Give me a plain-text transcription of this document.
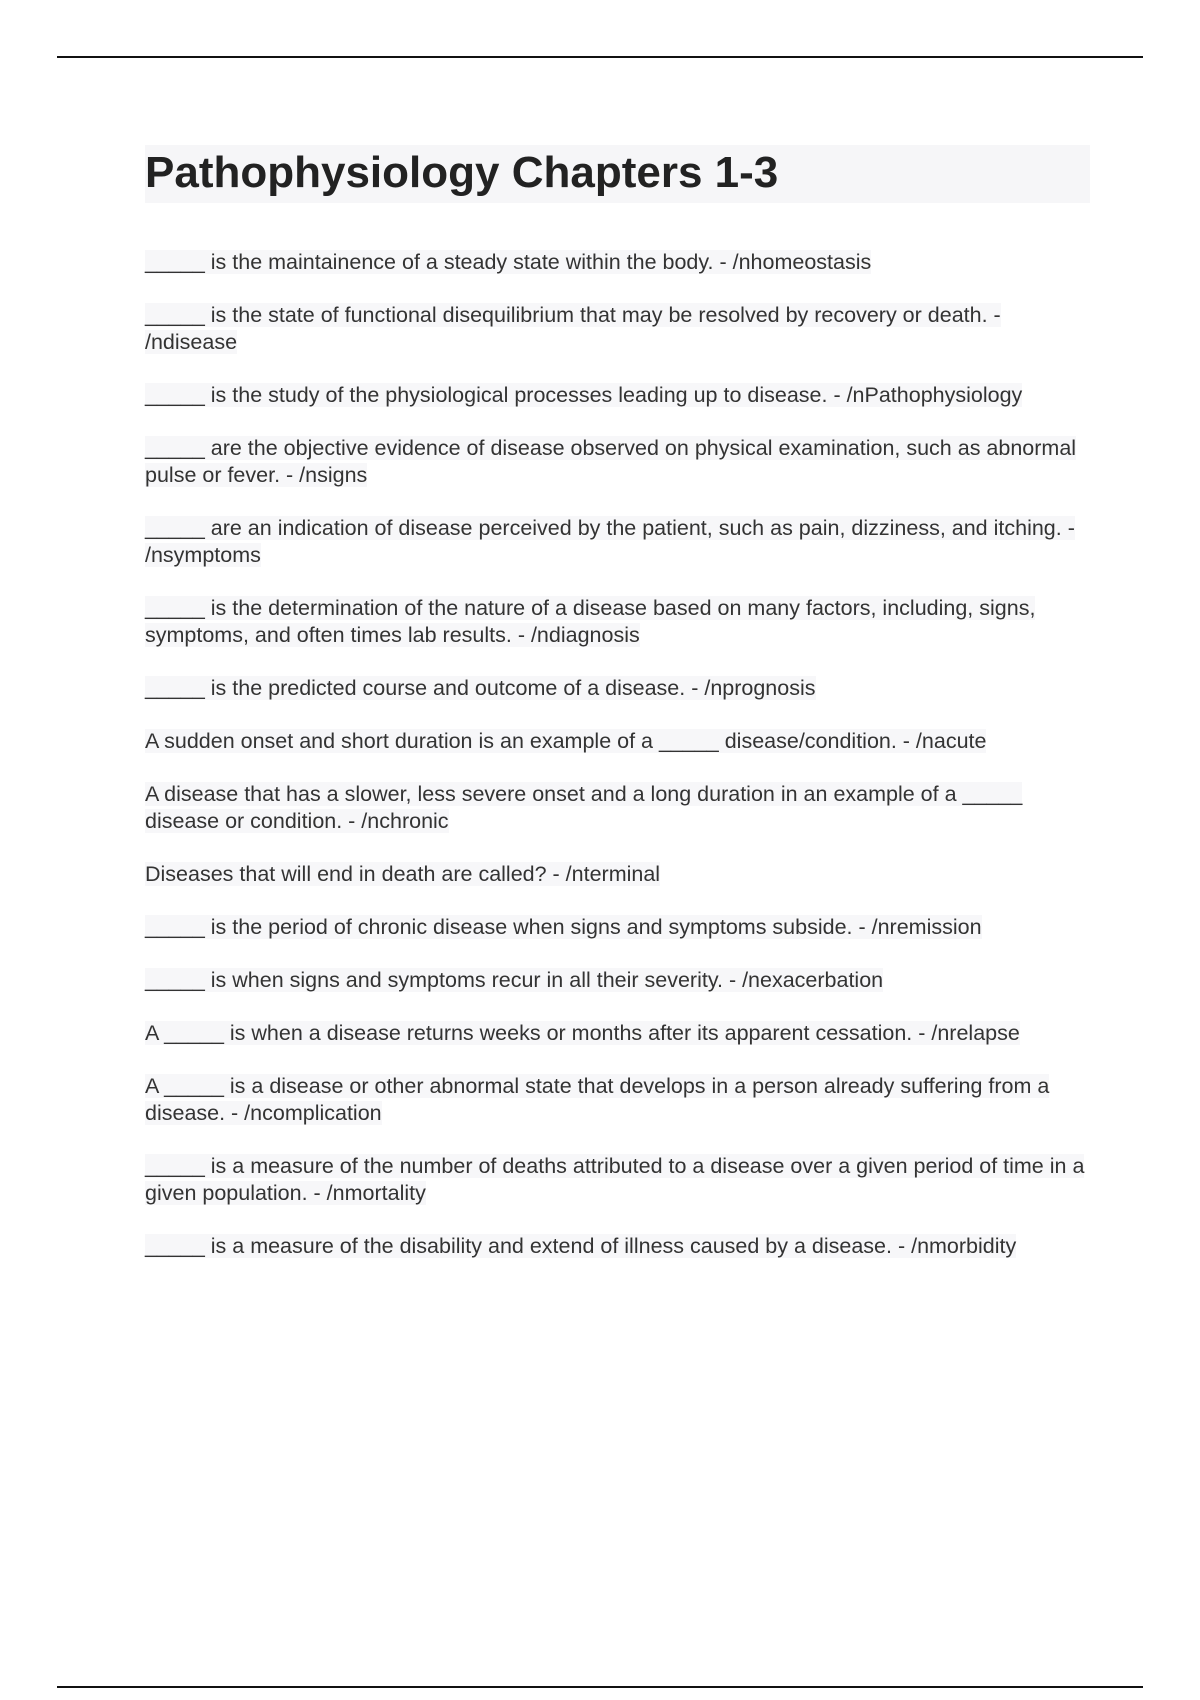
Pathophysiology Chapters 1-3
_____ is the maintainence of a steady state within the body. - /nhomeostasis
_____ is the state of functional disequilibrium that may be resolved by recovery or death. - /ndisease
_____ is the study of the physiological processes leading up to disease. - /nPathophysiology
_____ are the objective evidence of disease observed on physical examination, such as abnormal pulse or fever. - /nsigns
_____ are an indication of disease perceived by the patient, such as pain, dizziness, and itching. - /nsymptoms
_____ is the determination of the nature of a disease based on many factors, including, signs, symptoms, and often times lab results. - /ndiagnosis
_____ is the predicted course and outcome of a disease. - /nprognosis
A sudden onset and short duration is an example of a _____ disease/condition. - /nacute
A disease that has a slower, less severe onset and a long duration in an example of a _____ disease or condition. - /nchronic
Diseases that will end in death are called? - /nterminal
_____ is the period of chronic disease when signs and symptoms subside. - /nremission
_____ is when signs and symptoms recur in all their severity. - /nexacerbation
A _____ is when a disease returns weeks or months after its apparent cessation. - /nrelapse
A _____ is a disease or other abnormal state that develops in a person already suffering from a disease. - /ncomplication
_____ is a measure of the number of deaths attributed to a disease over a given period of time in a given population. - /nmortality
_____ is a measure of the disability and extend of illness caused by a disease. - /nmorbidity
